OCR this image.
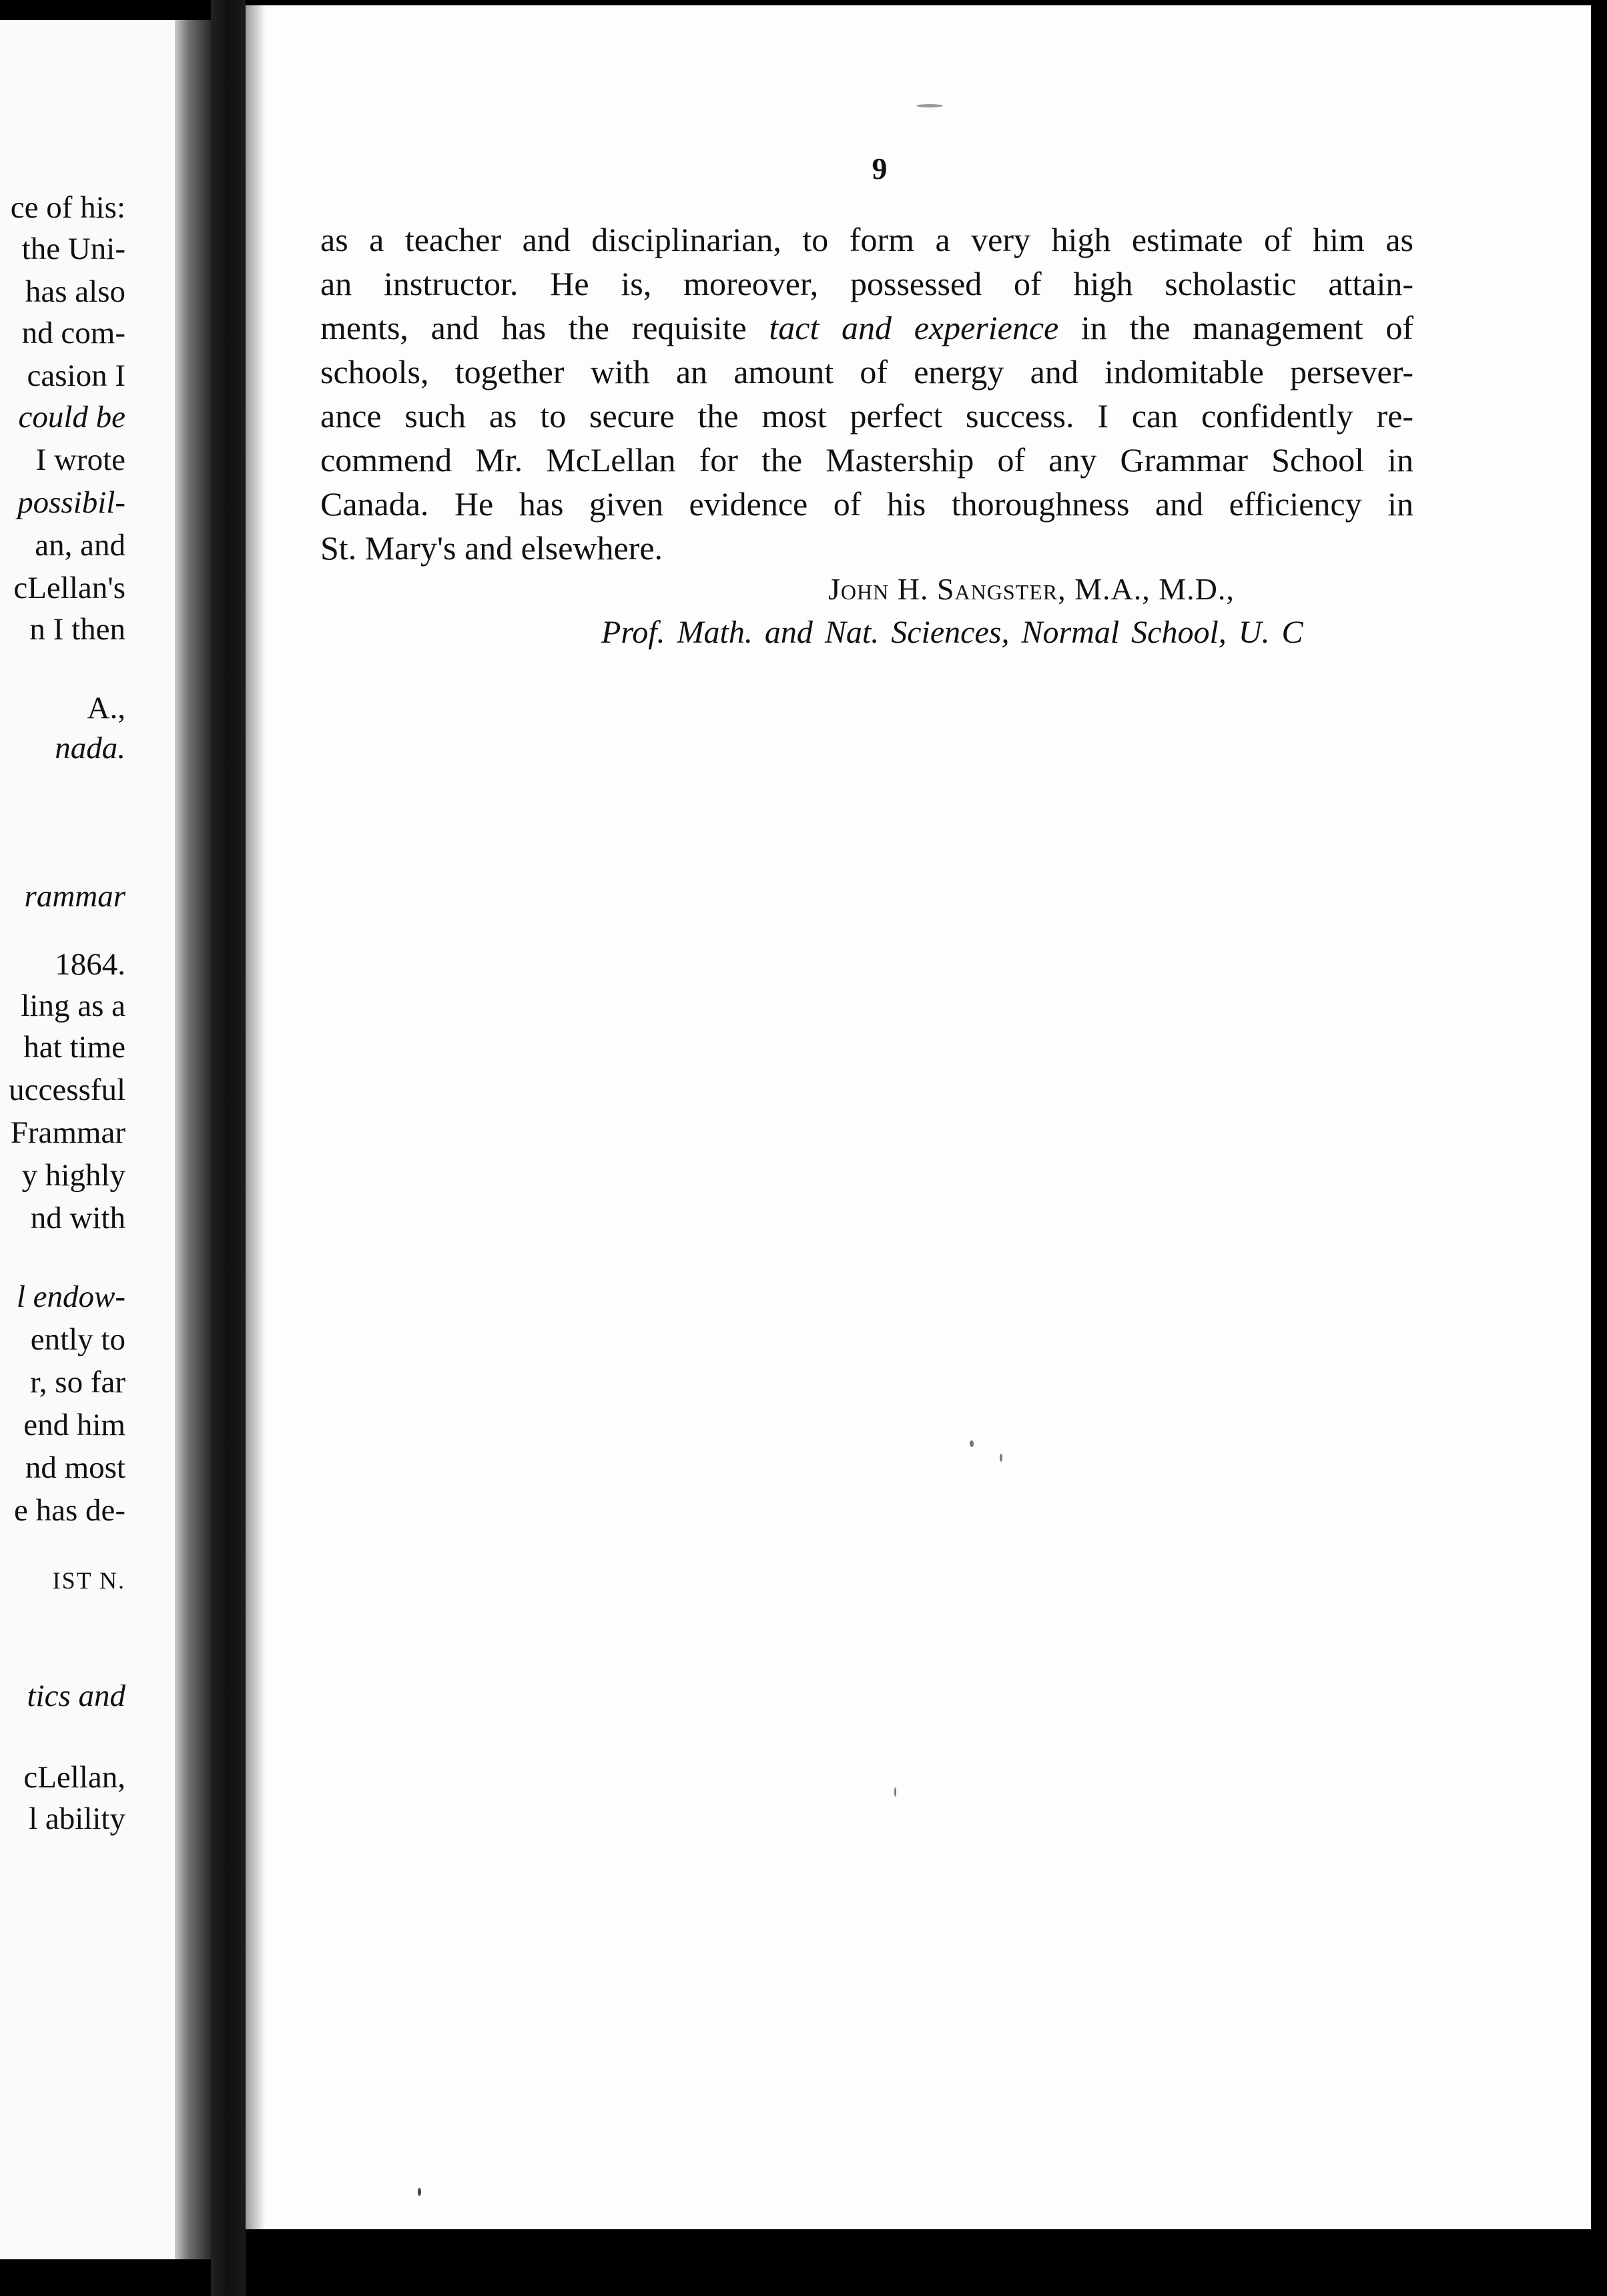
ce of his:
the Uni-
has also
nd com-
casion I
could be
I wrote
possibil-
an, and
cLellan's
n I then
A.,
nada.
rammar
1864.
ling as a
hat time
uccessful
Frammar
y highly
nd with
l endow-
ently to
r, so far
end him
nd most
e has de-
IST N.
tics and
cLellan,
l ability
9
as a teacher and disciplinarian, to form a very high estimate of him as
an instructor. He is, moreover, possessed of high scholastic attain-
ments, and has the requisite tact and experience in the management of
schools, together with an amount of energy and indomitable persever-
ance such as to secure the most perfect success. I can confidently re-
commend Mr. McLellan for the Mastership of any Grammar School in
Canada. He has given evidence of his thoroughness and efficiency in
St. Mary's and elsewhere.
John H. Sangster, M.A., M.D.,
Prof. Math. and Nat. Sciences, Normal School, U. C
